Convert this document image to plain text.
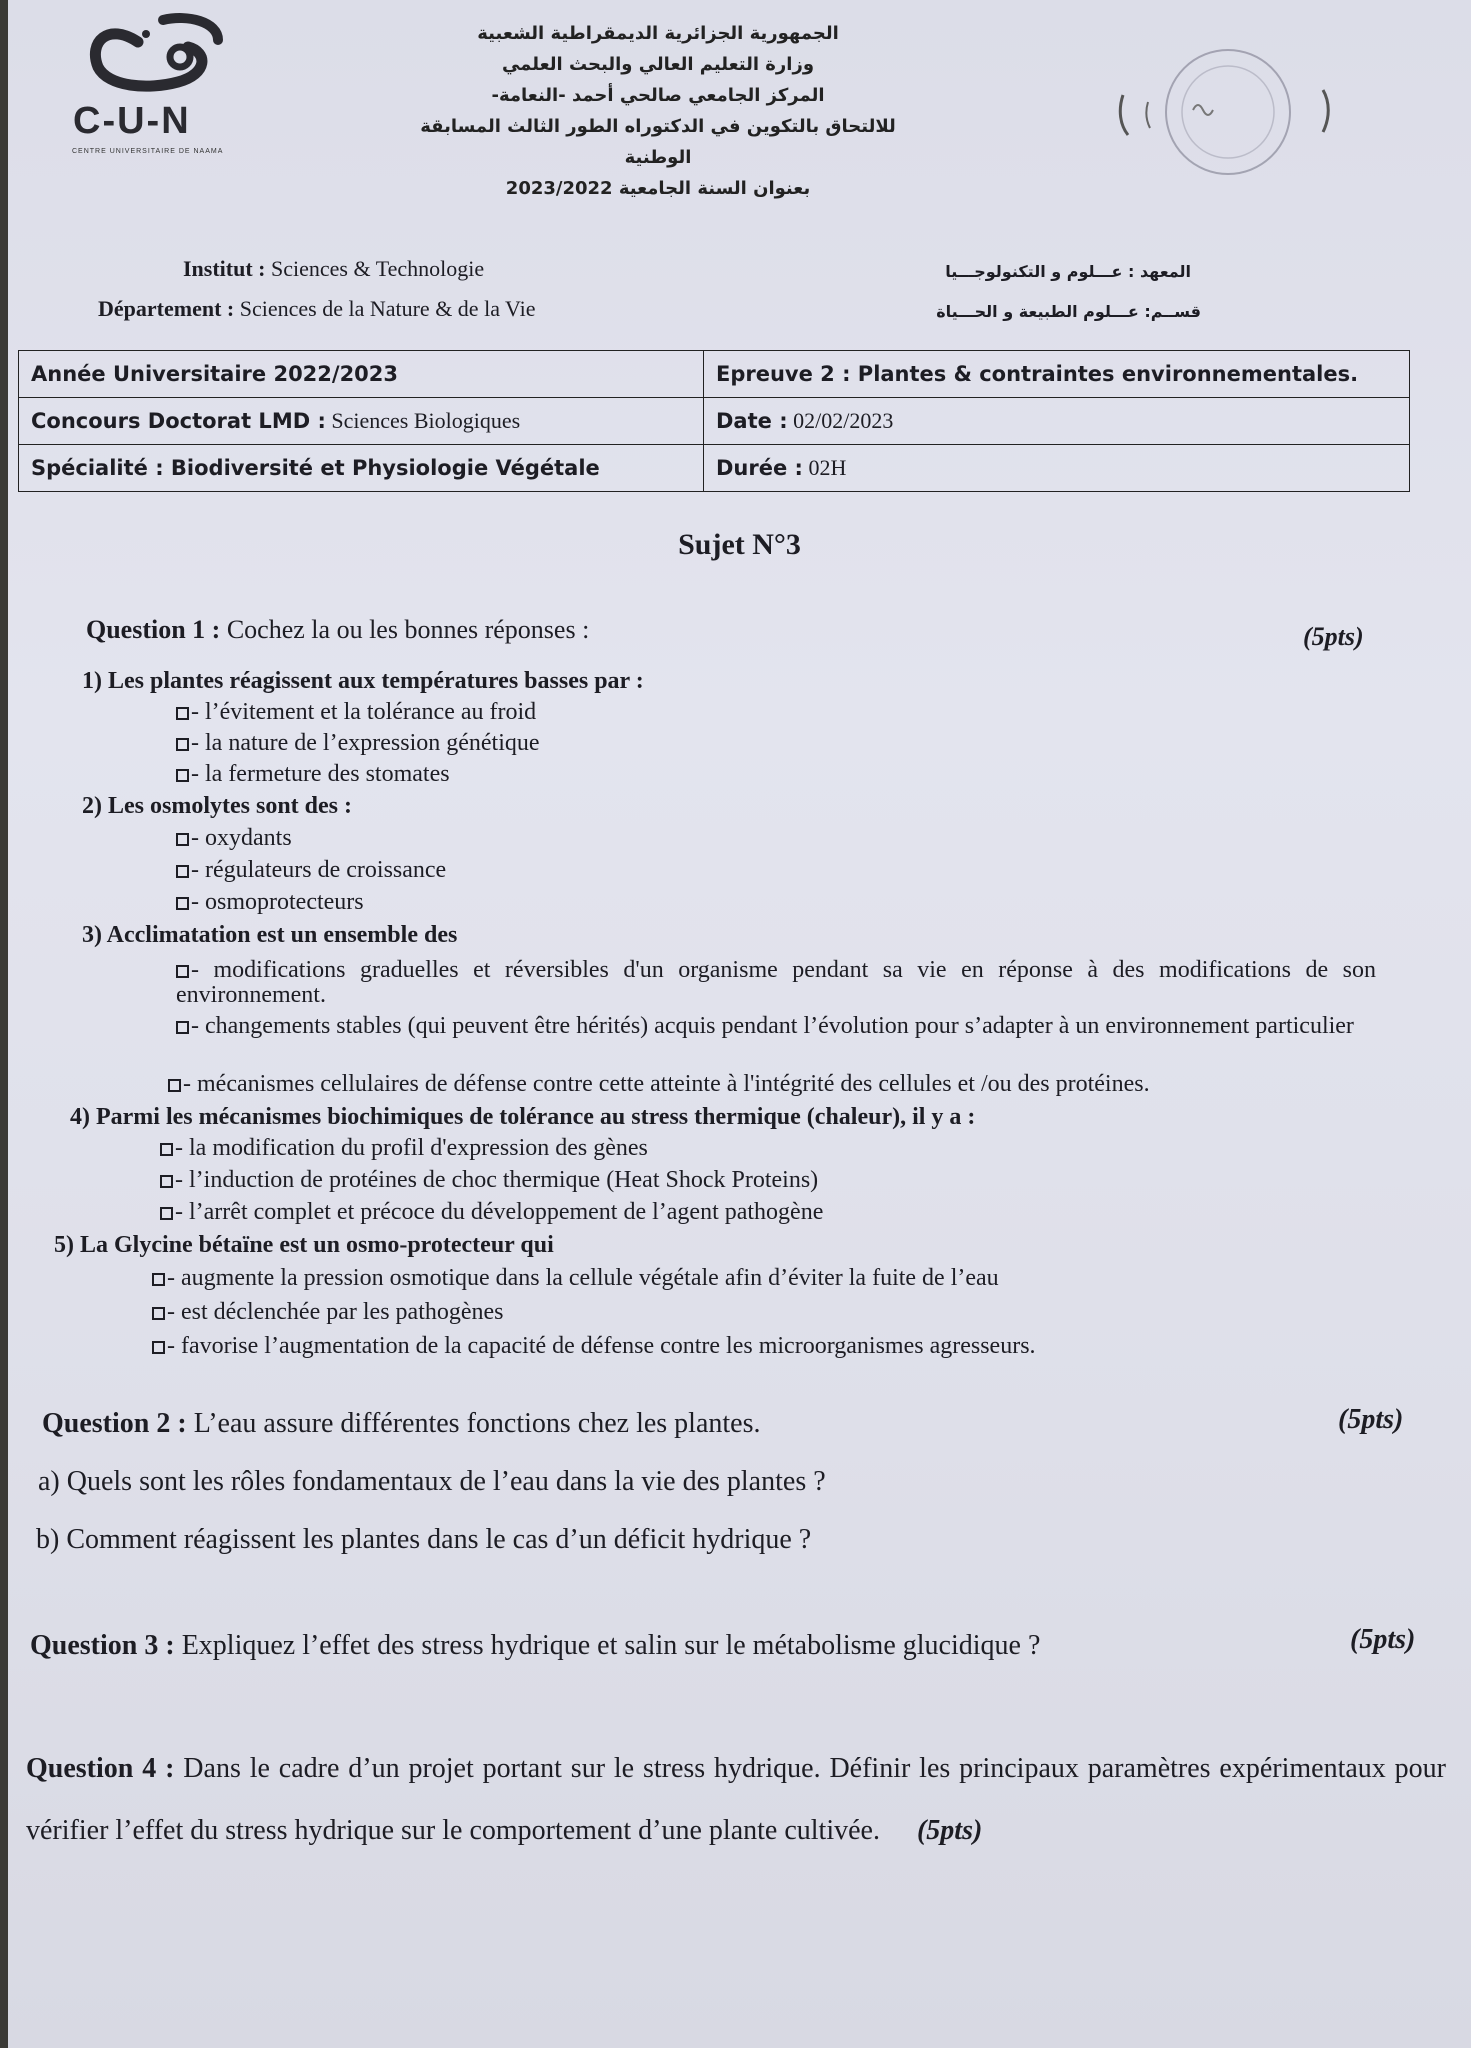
C-U-N
CENTRE UNIVERSITAIRE DE NAAMA
الجمهورية الجزائرية الديمقراطية الشعبية
وزارة التعليم العالي والبحث العلمي
المركز الجامعي صالحي أحمد -النعامة-
للالتحاق بالتكوين في الدكتوراه الطور الثالث المسابقة الوطنية
بعنوان السنة الجامعية 2023/2022
Institut : Sciences & Technologie
Département : Sciences de la Nature & de la Vie
المعهد : عـــلوم و التكنولوجـــيا
قســم: عـــلوم الطبيعة و الحـــياة
Année Universitaire 2022/2023	Epreuve 2 : Plantes & contraintes environnementales.
Concours Doctorat LMD : Sciences Biologiques	Date : 02/02/2023
Spécialité : Biodiversité et Physiologie Végétale	Durée : 02H
Sujet N°3
Question 1 : Cochez la ou les bonnes réponses :	(5pts)
1) Les plantes réagissent aux températures basses par :
- l’évitement et la tolérance au froid
- la nature de l’expression génétique
- la fermeture des stomates
2) Les osmolytes sont des :
- oxydants
- régulateurs de croissance
- osmoprotecteurs
3) Acclimatation est un ensemble des
- modifications graduelles et réversibles d'un organisme pendant sa vie en réponse à des modifications de son environnement.
- changements stables (qui peuvent être hérités) acquis pendant l’évolution pour s’adapter à un environnement particulier
- mécanismes cellulaires de défense contre cette atteinte à l'intégrité des cellules et /ou des protéines.
4) Parmi les mécanismes biochimiques de tolérance au stress thermique (chaleur), il y a :
- la modification du profil d'expression des gènes
- l’induction de protéines de choc thermique (Heat Shock Proteins)
- l’arrêt complet et précoce du développement de l’agent pathogène
5) La Glycine bétaïne est un osmo-protecteur qui
- augmente la pression osmotique dans la cellule végétale afin d’éviter la fuite de l’eau
- est déclenchée par les pathogènes
- favorise l’augmentation de la capacité de défense contre les microorganismes agresseurs.
Question 2 : L’eau assure différentes fonctions chez les plantes.	(5pts)
a) Quels sont les rôles fondamentaux de l’eau dans la vie des plantes ?
b) Comment réagissent les plantes dans le cas d’un déficit hydrique ?
Question 3 : Expliquez l’effet des stress hydrique et salin sur le métabolisme glucidique ?	(5pts)
Question 4 : Dans le cadre d’un projet portant sur le stress hydrique. Définir les principaux paramètres expérimentaux pour vérifier l’effet du stress hydrique sur le comportement d’une plante cultivée. (5pts)
